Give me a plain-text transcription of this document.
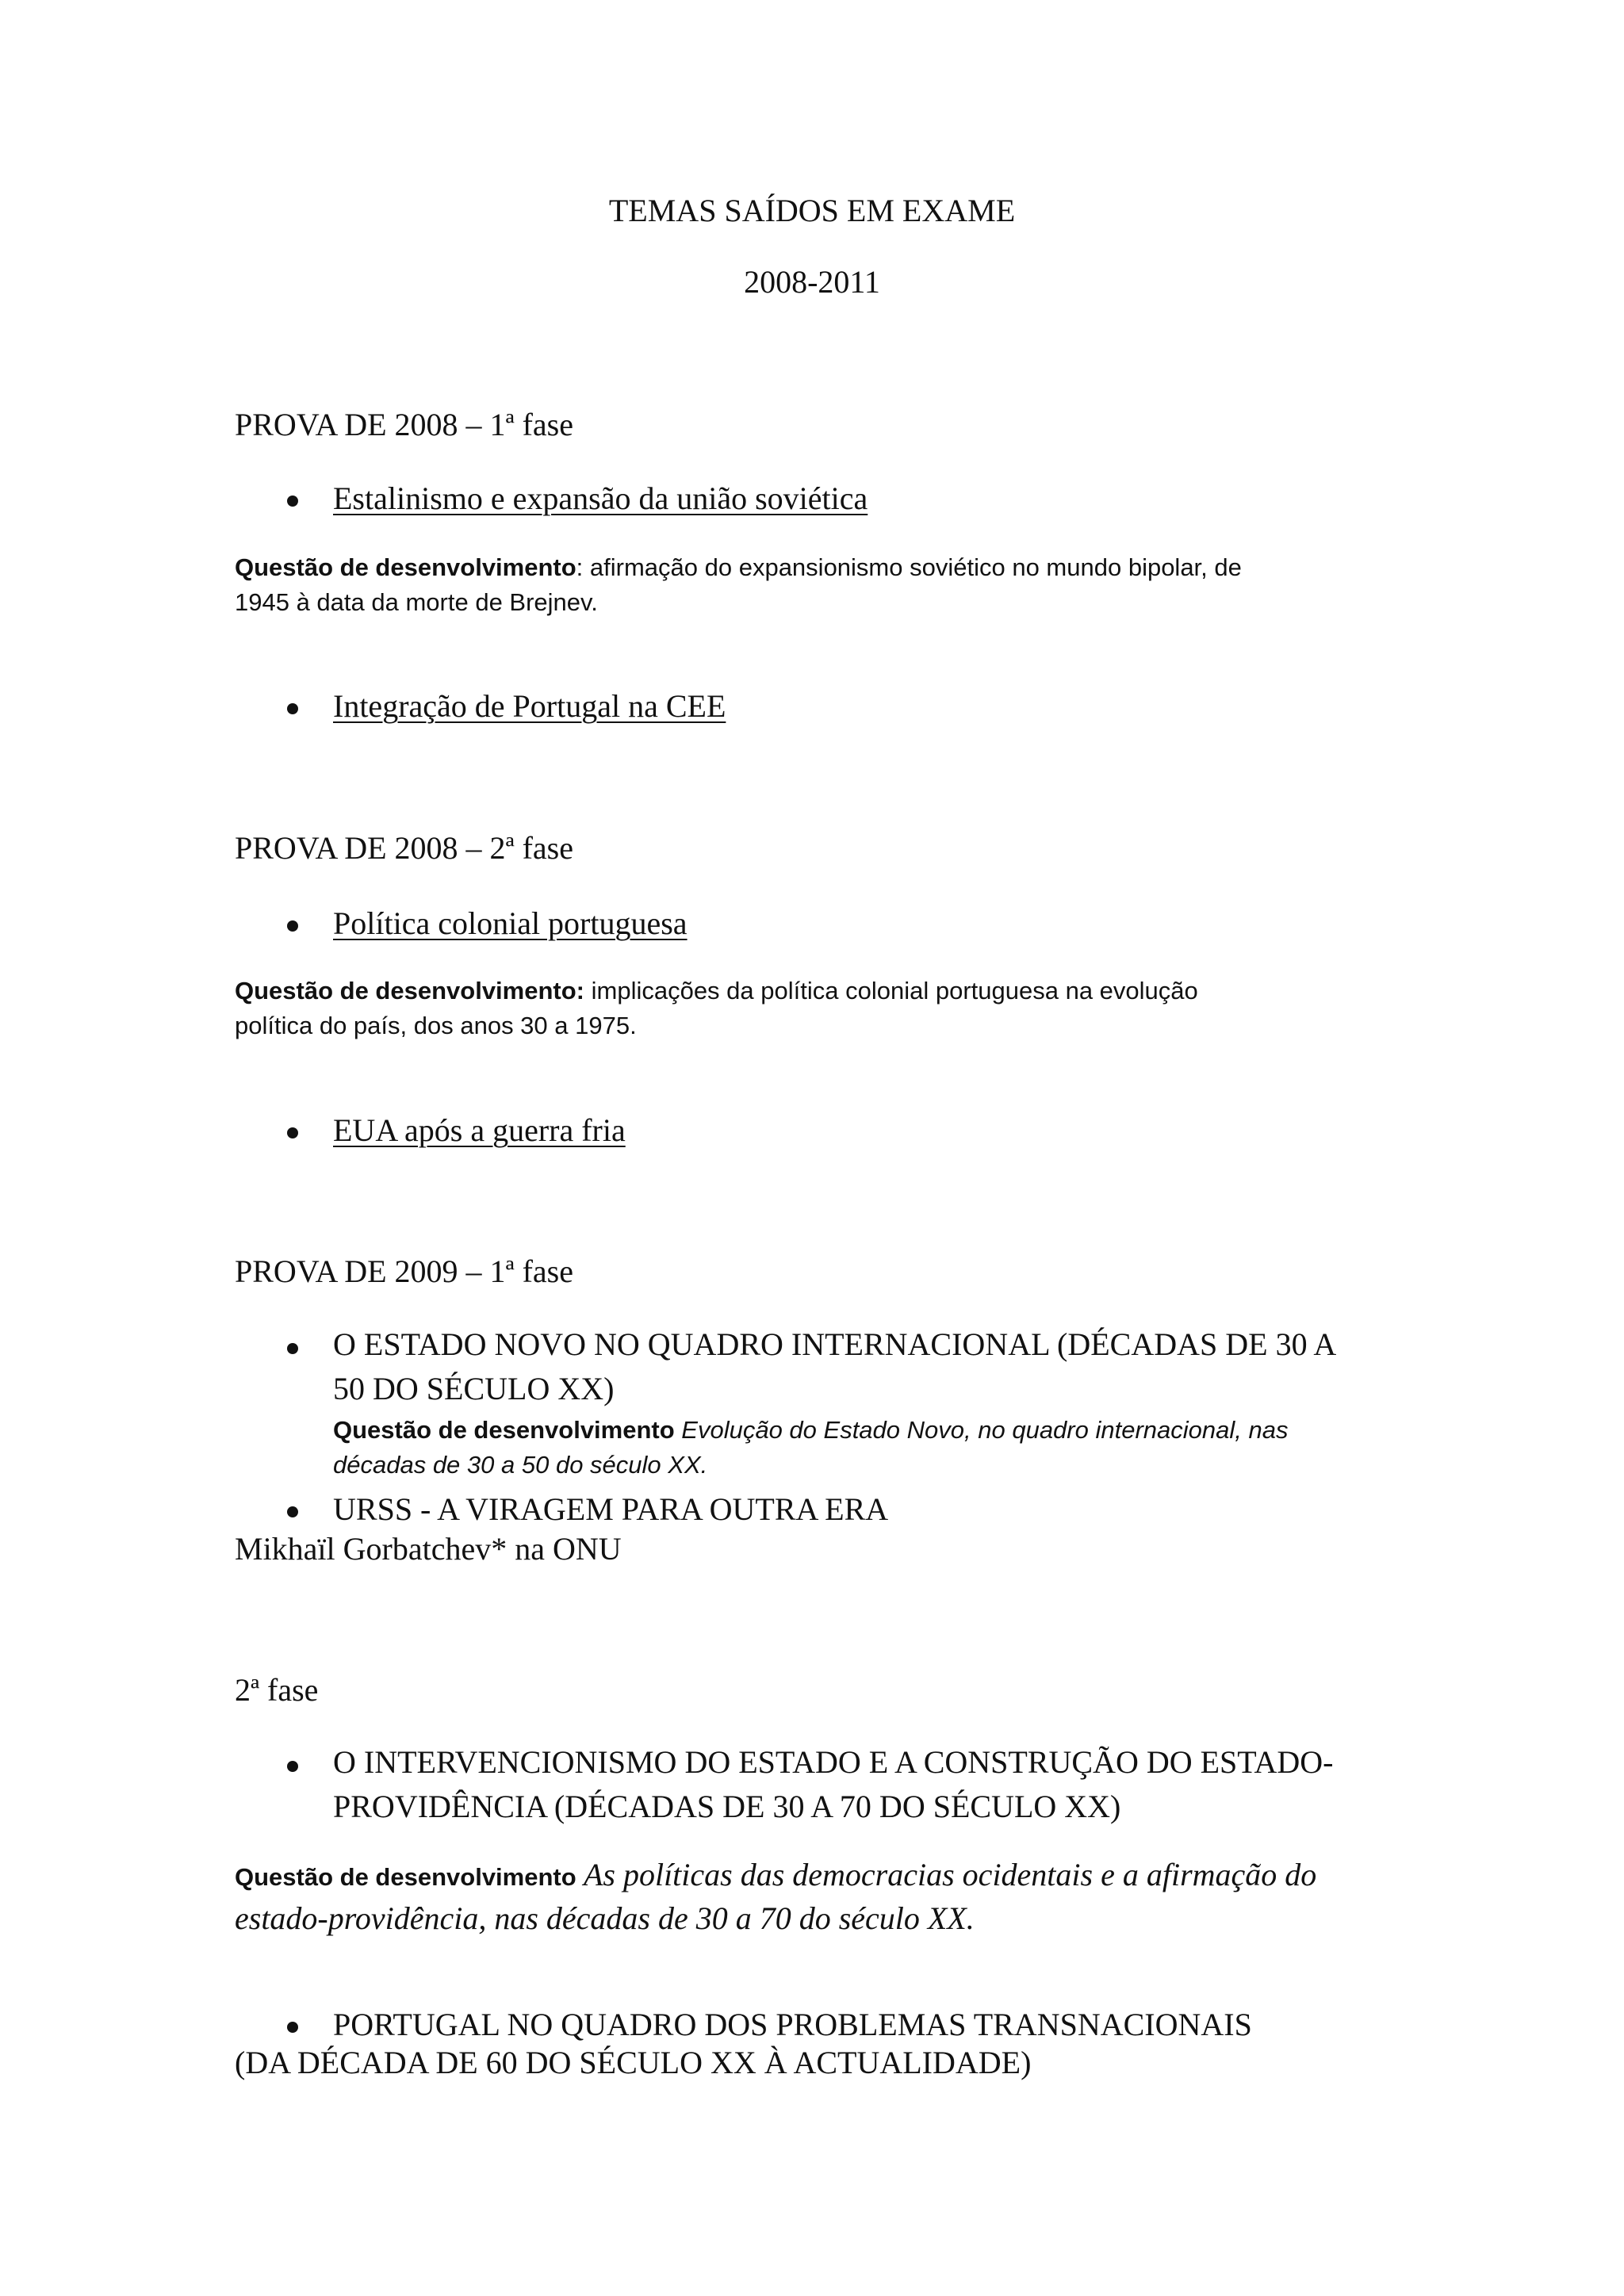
TEMAS SAÍDOS EM EXAME
2008-2011
PROVA DE 2008 – 1ª fase
Estalinismo e expansão da união soviética
Questão de desenvolvimento: afirmação do expansionismo soviético no mundo bipolar, de
1945 à data da morte de Brejnev.
Integração de Portugal na CEE
PROVA DE 2008 – 2ª fase
Política colonial portuguesa
Questão de desenvolvimento: implicações da política colonial portuguesa na evolução
política do país, dos anos 30 a 1975.
EUA após a guerra fria
PROVA DE 2009 – 1ª fase
O ESTADO NOVO NO QUADRO INTERNACIONAL (DÉCADAS DE 30 A
50 DO SÉCULO XX)
Questão de desenvolvimento Evolução do Estado Novo, no quadro internacional, nas
décadas de 30 a 50 do século XX.
URSS - A VIRAGEM PARA OUTRA ERA
Mikhaïl Gorbatchev* na ONU
2ª fase
O INTERVENCIONISMO DO ESTADO E A CONSTRUÇÃO DO ESTADO-
PROVIDÊNCIA (DÉCADAS DE 30 A 70 DO SÉCULO XX)
Questão de desenvolvimento As políticas das democracias ocidentais e a afirmação do
estado-providência, nas décadas de 30 a 70 do século XX.
PORTUGAL NO QUADRO DOS PROBLEMAS TRANSNACIONAIS
(DA DÉCADA DE 60 DO SÉCULO XX À ACTUALIDADE)
